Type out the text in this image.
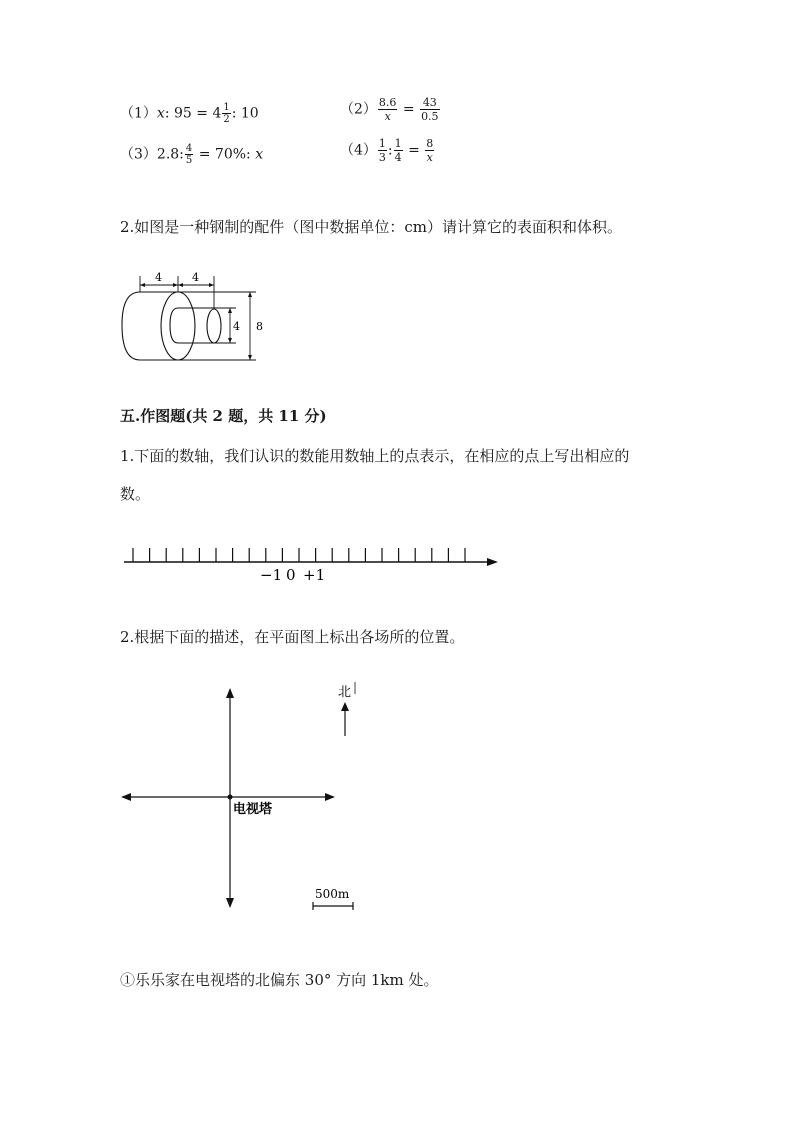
（1）x: $95 = 4 \frac{1}{2}$ : 10	$(2) \frac{8.6}{x} = \frac{43}{0.5}$
（3）2.8: $\frac{4}{5} = 70\%$: x	$(4) \frac{1}{3}$ : $\frac{1}{4} = \frac{8}{x}$
2.如图是一种钢制的配件（图中数据单位：cm）请计算它的表面积和体积。
4	4
4 8
五.作图题(共 2 题，共 11 分)
1.下面的数轴，我们认识的数能用数轴上的点表示，在相应的点上写出相应的
数。
−1 0 +1
2.根据下面的描述，在平面图上标出各场所的位置。
电视塔
北
500m
①乐乐家在电视塔的北偏东 30° 方向 1km 处。
